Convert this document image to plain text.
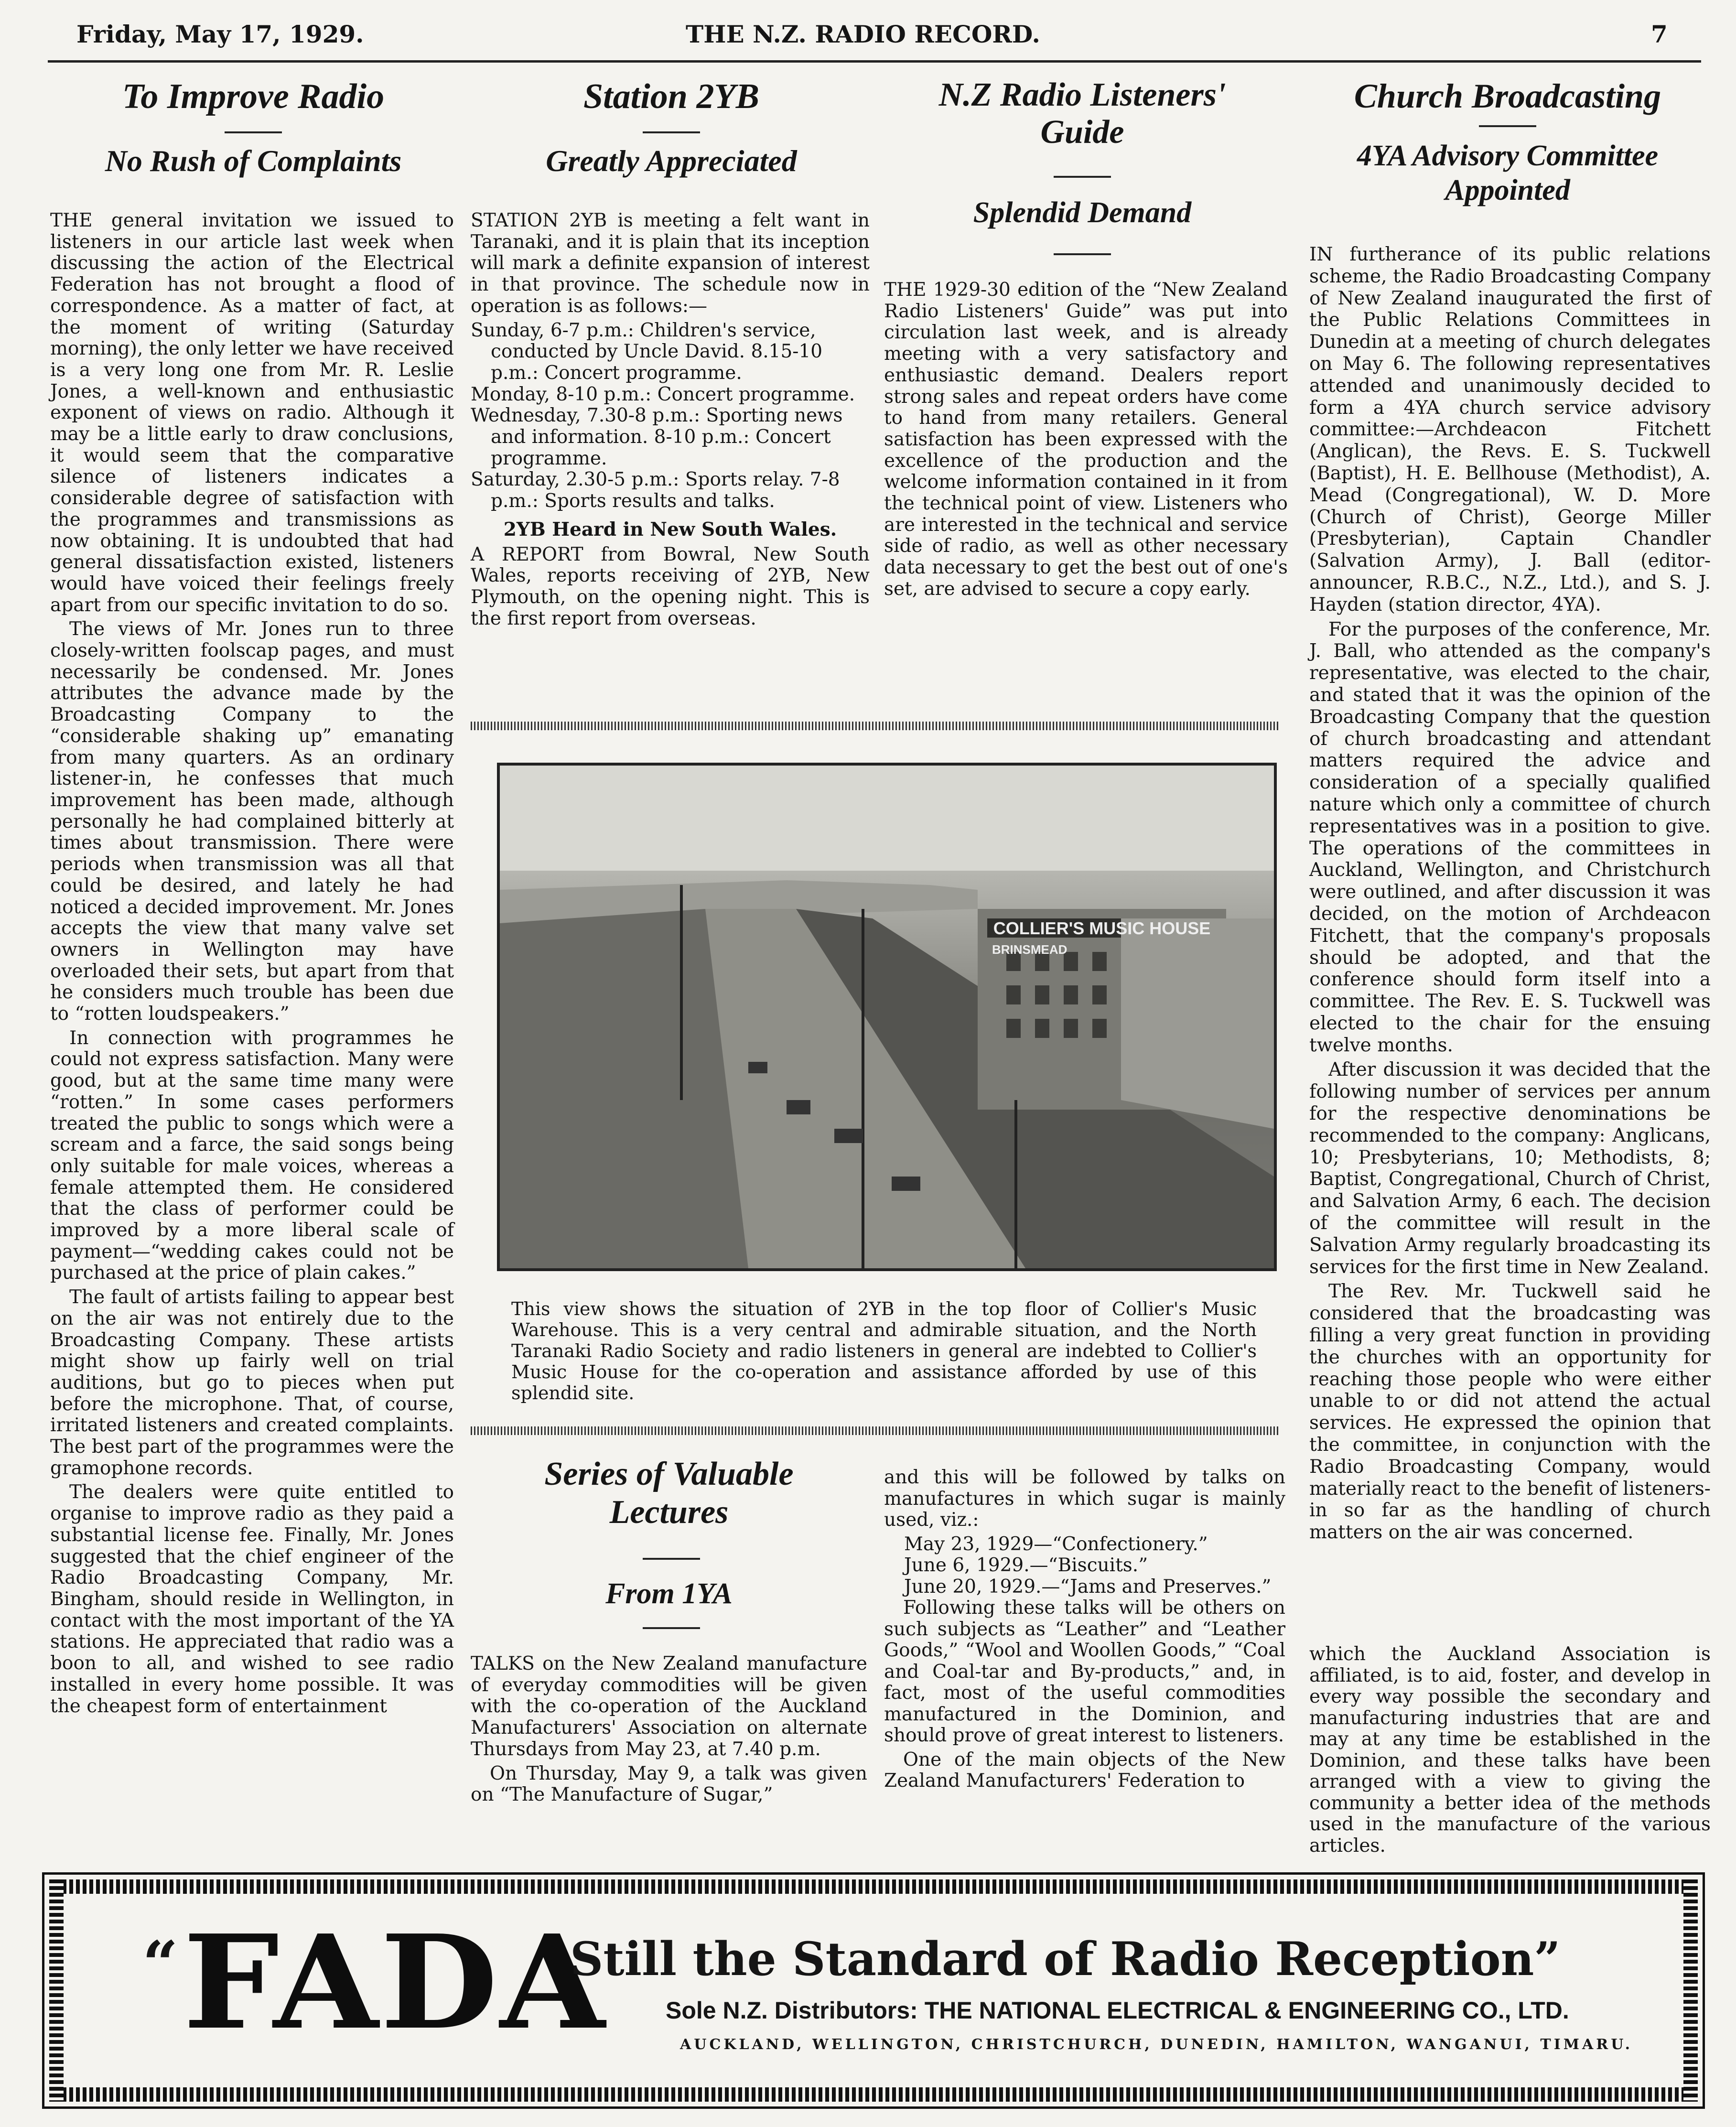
Friday, May 17, 1929.	THE N.Z. RADIO RECORD.	7
To Improve Radio
No Rush of Complaints

THE general invitation we issued to listeners in our article last week when discussing the action of the Electrical Federation has not brought a flood of correspondence. As a matter of fact, at the moment of writing (Saturday morning), the only letter we have received is a very long one from Mr. R. Leslie Jones, a well-known and enthusiastic exponent of views on radio. Although it may be a little early to draw conclusions, it would seem that the comparative silence of listeners indicates a considerable degree of satisfaction with the programmes and transmissions as now obtaining. It is undoubted that had general dissatisfaction existed, listeners would have voiced their feelings freely apart from our specific invitation to do so.

The views of Mr. Jones run to three closely-written foolscap pages, and must necessarily be condensed. Mr. Jones attributes the advance made by the Broadcasting Company to the “considerable shaking up” emanating from many quarters. As an ordinary listener-in, he confesses that much improvement has been made, although personally he had complained bitterly at times about transmission. There were periods when transmission was all that could be desired, and lately he had noticed a decided improvement. Mr. Jones accepts the view that many valve set owners in Wellington may have overloaded their sets, but apart from that he considers much trouble has been due to “rotten loudspeakers.”

In connection with programmes he could not express satisfaction. Many were good, but at the same time many were “rotten.” In some cases performers treated the public to songs which were a scream and a farce, the said songs being only suitable for male voices, whereas a female attempted them. He considered that the class of performer could be improved by a more liberal scale of payment—“wedding cakes could not be purchased at the price of plain cakes.”

The fault of artists failing to appear best on the air was not entirely due to the Broadcasting Company. These artists might show up fairly well on trial auditions, but go to pieces when put before the microphone. That, of course, irritated listeners and created complaints. The best part of the programmes were the gramophone records.

The dealers were quite entitled to organise to improve radio as they paid a substantial license fee. Finally, Mr. Jones suggested that the chief engineer of the Radio Broadcasting Company, Mr. Bingham, should reside in Wellington, in contact with the most important of the YA stations. He appreciated that radio was a boon to all, and wished to see radio installed in every home possible. It was the cheapest form of entertainment

Station 2YB
Greatly Appreciated

STATION 2YB is meeting a felt want in Taranaki, and it is plain that its inception will mark a definite expansion of interest in that province. The schedule now in operation is as follows:—

Sunday, 6-7 p.m.: Children's service, conducted by Uncle David. 8.15-10 p.m.: Concert programme.
Monday, 8-10 p.m.: Concert programme.
Wednesday, 7.30-8 p.m.: Sporting news and information. 8-10 p.m.: Concert programme.
Saturday, 2.30-5 p.m.: Sports relay. 7-8 p.m.: Sports results and talks.
2YB Heard in New South Wales.

A REPORT from Bowral, New South Wales, reports receiving of 2YB, New Plymouth, on the opening night. This is the first report from overseas.

N.Z Radio Listeners'
Guide
Splendid Demand

THE 1929-30 edition of the “New Zealand Radio Listeners' Guide” was put into circulation last week, and is already meeting with a very satisfactory and enthusiastic demand. Dealers report strong sales and repeat orders have come to hand from many retailers. General satisfaction has been expressed with the excellence of the production and the welcome information contained in it from the technical point of view. Listeners who are interested in the technical and service side of radio, as well as other necessary data necessary to get the best out of one's set, are advised to secure a copy early.

COLLIER'S MUSIC HOUSE
BRINSMEAD
This view shows the situation of 2YB in the top floor of Collier's Music Warehouse. This is a very central and admirable situation, and the North Taranaki Radio Society and radio listeners in general are indebted to Collier's Music House for the co-operation and assistance afforded by use of this splendid site.
Church Broadcasting
4YA Advisory Committee
Appointed

IN furtherance of its public relations scheme, the Radio Broadcasting Company of New Zealand inaugurated the first of the Public Relations Committees in Dunedin at a meeting of church delegates on May 6. The following representatives attended and unanimously decided to form a 4YA church service advisory committee:—Archdeacon Fitchett (Anglican), the Revs. E. S. Tuckwell (Baptist), H. E. Bellhouse (Methodist), A. Mead (Congregational), W. D. More (Church of Christ), George Miller (Presbyterian), Captain Chandler (Salvation Army), J. Ball (editor-announcer, R.B.C., N.Z., Ltd.), and S. J. Hayden (station director, 4YA).

For the purposes of the conference, Mr. J. Ball, who attended as the company's representative, was elected to the chair, and stated that it was the opinion of the Broadcasting Company that the question of church broadcasting and attendant matters required the advice and consideration of a specially qualified nature which only a committee of church representatives was in a position to give. The operations of the committees in Auckland, Wellington, and Christchurch were outlined, and after discussion it was decided, on the motion of Archdeacon Fitchett, that the company's proposals should be adopted, and that the conference should form itself into a committee. The Rev. E. S. Tuckwell was elected to the chair for the ensuing twelve months.

After discussion it was decided that the following number of services per annum for the respective denominations be recommended to the company: Anglicans, 10; Presbyterians, 10; Methodists, 8; Baptist, Congregational, Church of Christ, and Salvation Army, 6 each. The decision of the committee will result in the Salvation Army regularly broadcasting its services for the first time in New Zealand.

The Rev. Mr. Tuckwell said he considered that the broadcasting was filling a very great function in providing the churches with an opportunity for reaching those people who were either unable to or did not attend the actual services. He expressed the opinion that the committee, in conjunction with the Radio Broadcasting Company, would materially react to the benefit of listeners-in so far as the handling of church matters on the air was concerned.

Series of Valuable
Lectures
From 1YA

TALKS on the New Zealand manufacture of everyday commodities will be given with the co-operation of the Auckland Manufacturers' Association on alternate Thursdays from May 23, at 7.40 p.m.

On Thursday, May 9, a talk was given on “The Manufacture of Sugar,”

and this will be followed by talks on manufactures in which sugar is mainly used, viz.:

May 23, 1929—“Confectionery.”
June 6, 1929.—“Biscuits.”
June 20, 1929.—“Jams and Preserves.”

Following these talks will be others on such subjects as “Leather” and “Leather Goods,” “Wool and Woollen Goods,” “Coal and Coal-tar and By-products,” and, in fact, most of the useful commodities manufactured in the Dominion, and should prove of great interest to listeners.

One of the main objects of the New Zealand Manufacturers' Federation to

which the Auckland Association is affiliated, is to aid, foster, and develop in every way possible the secondary and manufacturing industries that are and may at any time be established in the Dominion, and these talks have been arranged with a view to giving the community a better idea of the methods used in the manufacture of the various articles.

“ FADA
Still the Standard of Radio Reception”
Sole N.Z. Distributors: THE NATIONAL ELECTRICAL & ENGINEERING CO., LTD.
AUCKLAND, WELLINGTON, CHRISTCHURCH, DUNEDIN, HAMILTON, WANGANUI, TIMARU.
